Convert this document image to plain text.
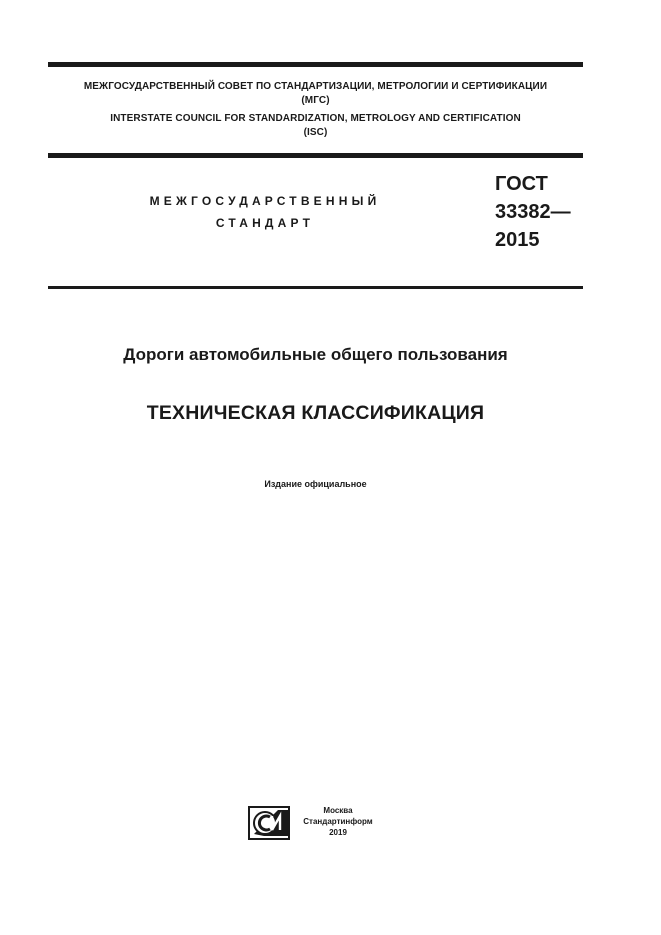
МЕЖГОСУДАРСТВЕННЫЙ СОВЕТ ПО СТАНДАРТИЗАЦИИ, МЕТРОЛОГИИ И СЕРТИФИКАЦИИ
(МГС)
INTERSTATE COUNCIL FOR STANDARDIZATION, METROLOGY AND CERTIFICATION
(ISC)
МЕЖГОСУДАРСТВЕННЫЙ
СТАНДАРТ
ГОСТ
33382—
2015
Дороги автомобильные общего пользования
ТЕХНИЧЕСКАЯ КЛАССИФИКАЦИЯ
Издание официальное
Москва
Стандартинформ
2019
